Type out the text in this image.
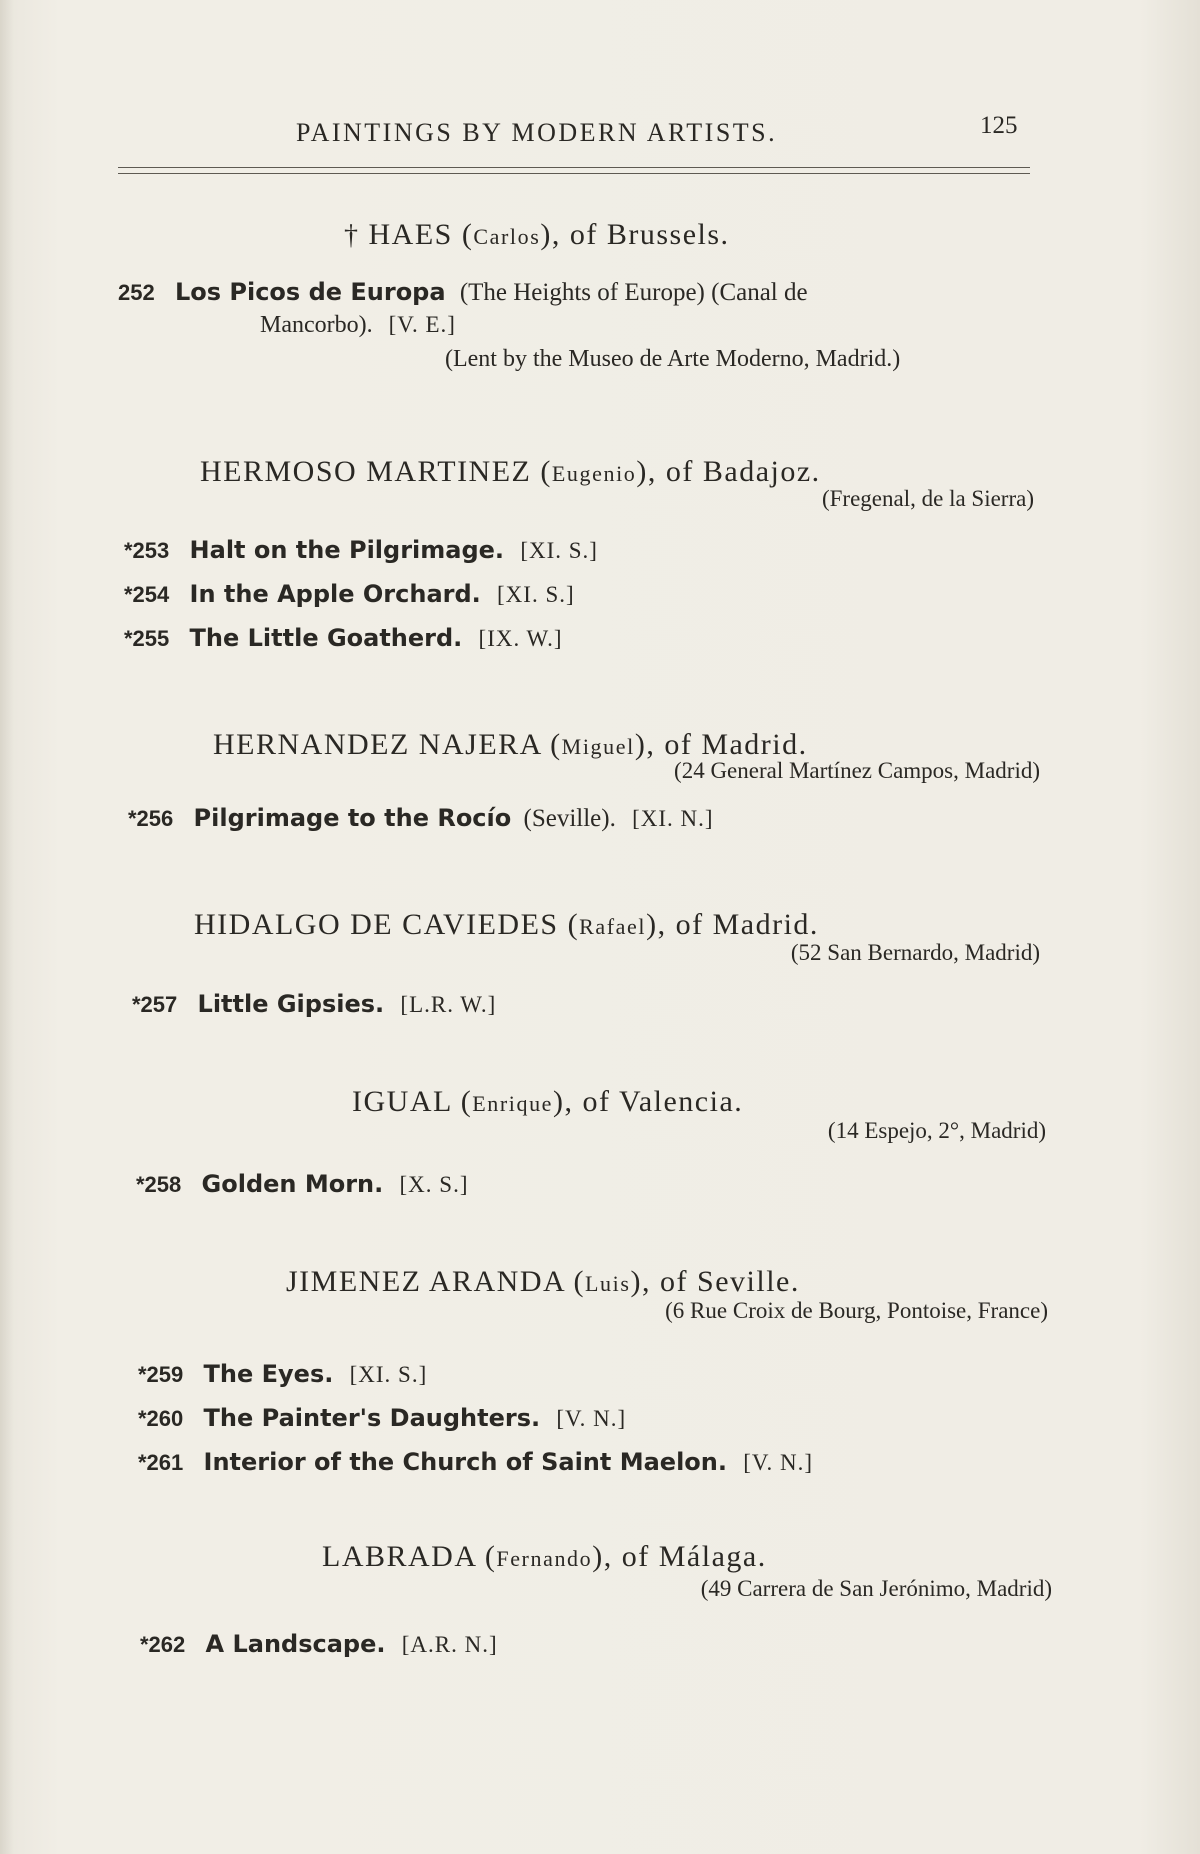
PAINTINGS BY MODERN ARTISTS.	125
† HAES (Carlos), of Brussels.
252 Los Picos de Europa (The Heights of Europe) (Canal de
Mancorbo). [V. E.]
(Lent by the Museo de Arte Moderno, Madrid.)
HERMOSO MARTINEZ (Eugenio), of Badajoz.
(Fregenal, de la Sierra)
*253 Halt on the Pilgrimage. [XI. S.]
*254 In the Apple Orchard. [XI. S.]
*255 The Little Goatherd. [IX. W.]
HERNANDEZ NAJERA (Miguel), of Madrid.
(24 General Martínez Campos, Madrid)
*256 Pilgrimage to the Rocío (Seville). [XI. N.]
HIDALGO DE CAVIEDES (Rafael), of Madrid.
(52 San Bernardo, Madrid)
*257 Little Gipsies. [L.R. W.]
IGUAL (Enrique), of Valencia.
(14 Espejo, 2°, Madrid)
*258 Golden Morn. [X. S.]
JIMENEZ ARANDA (Luis), of Seville.
(6 Rue Croix de Bourg, Pontoise, France)
*259 The Eyes. [XI. S.]
*260 The Painter's Daughters. [V. N.]
*261 Interior of the Church of Saint Maelon. [V. N.]
LABRADA (Fernando), of Málaga.
(49 Carrera de San Jerónimo, Madrid)
*262 A Landscape. [A.R. N.]
